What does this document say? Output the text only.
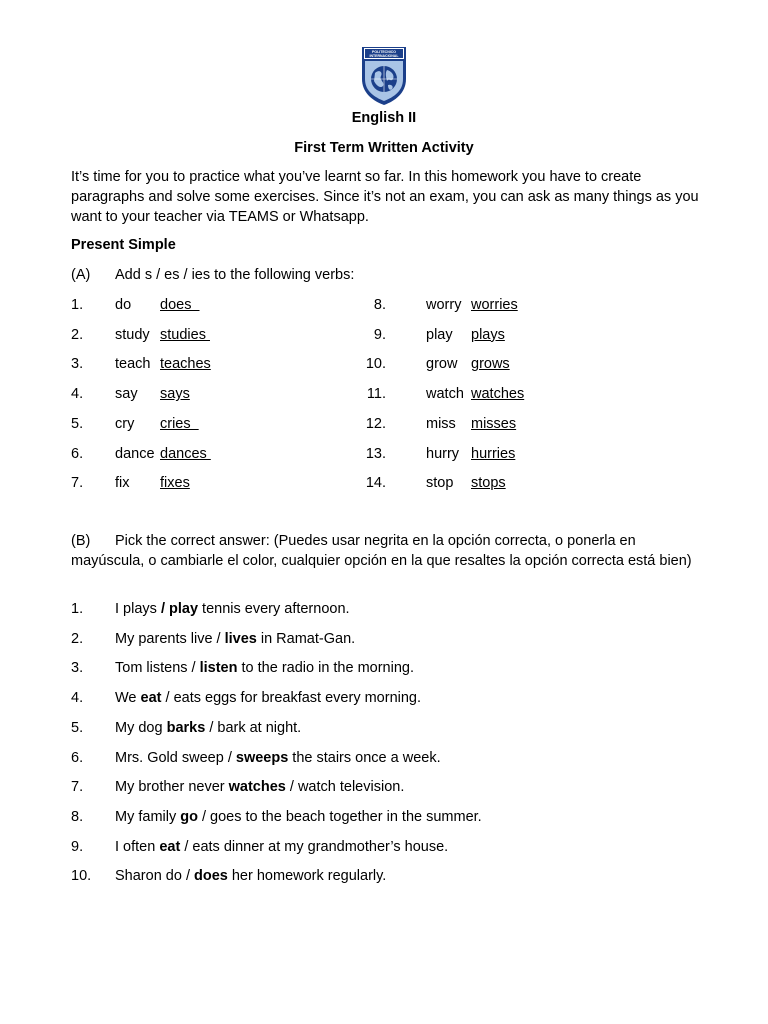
POLITECNICO INTERNACIONAL
English II
First Term Written Activity
It’s time for you to practice what you’ve learnt so far. In this homework you have to create paragraphs and solve some exercises. Since it’s not an exam, you can ask as many things as you want to your teacher via TEAMS or Whatsapp.
Present Simple
(A) Add s / es / ies to the following verbs:
1.	do does
2.	study studies
3.	teach teaches
4.	say says
5.	cry cries
6.	dance dances
7.	fix fixes
8.	worry worries
9.	play plays
10.	grow grows
11.	watch watches
12.	miss misses
13.	hurry hurries
14.	stop stops
(B)	Pick the correct answer: (Puedes usar negrita en la opción correcta, o ponerla en mayúscula, o cambiarle el color, cualquier opción en la que resaltes la opción correcta está bien)
1. I plays / play tennis every afternoon.
2. My parents live / lives in Ramat-Gan.
3. Tom listens / listen to the radio in the morning.
4. We eat / eats eggs for breakfast every morning.
5. My dog barks / bark at night.
6. Mrs. Gold sweep / sweeps the stairs once a week.
7. My brother never watches / watch television.
8. My family go / goes to the beach together in the summer.
9. I often eat / eats dinner at my grandmother’s house.
10. Sharon do / does her homework regularly.
